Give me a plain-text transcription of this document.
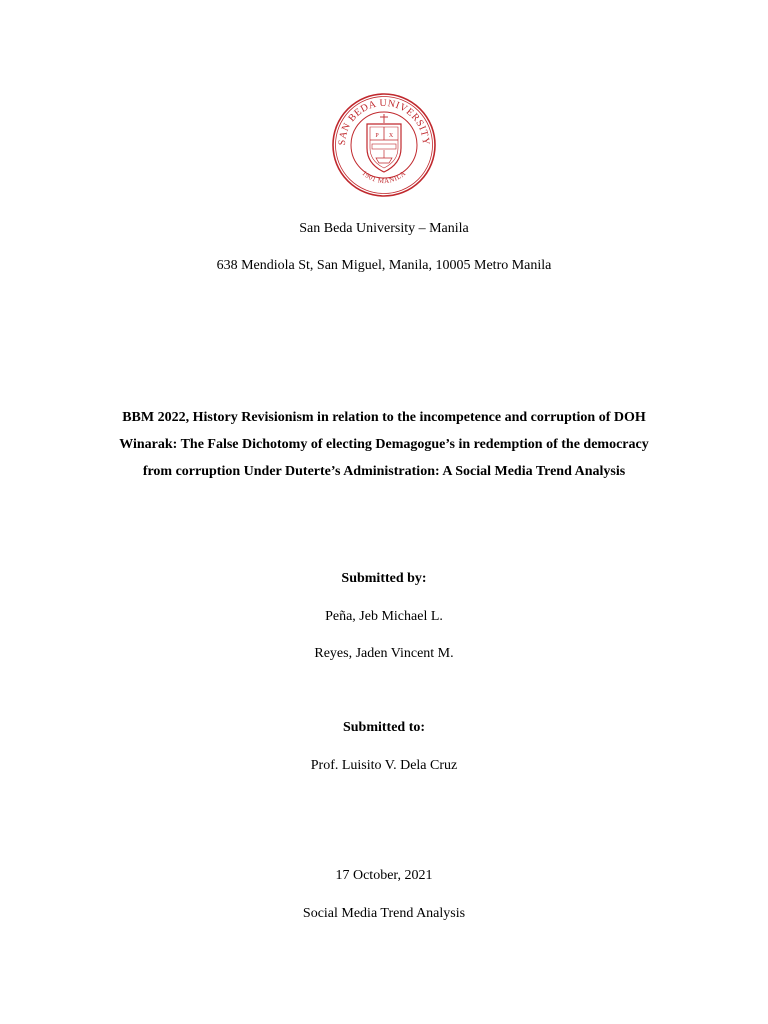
SAN BEDA UNIVERSITY
1901 MANILA
P X
San Beda University – Manila
638 Mendiola St, San Miguel, Manila, 10005 Metro Manila
BBM 2022, History Revisionism in relation to the incompetence and corruption of DOH
Winarak: The False Dichotomy of electing Demagogue’s in redemption of the democracy
from corruption Under Duterte’s Administration: A Social Media Trend Analysis
Submitted by:
Peña, Jeb Michael L.
Reyes, Jaden Vincent M.
Submitted to:
Prof. Luisito V. Dela Cruz
17 October, 2021
Social Media Trend Analysis
